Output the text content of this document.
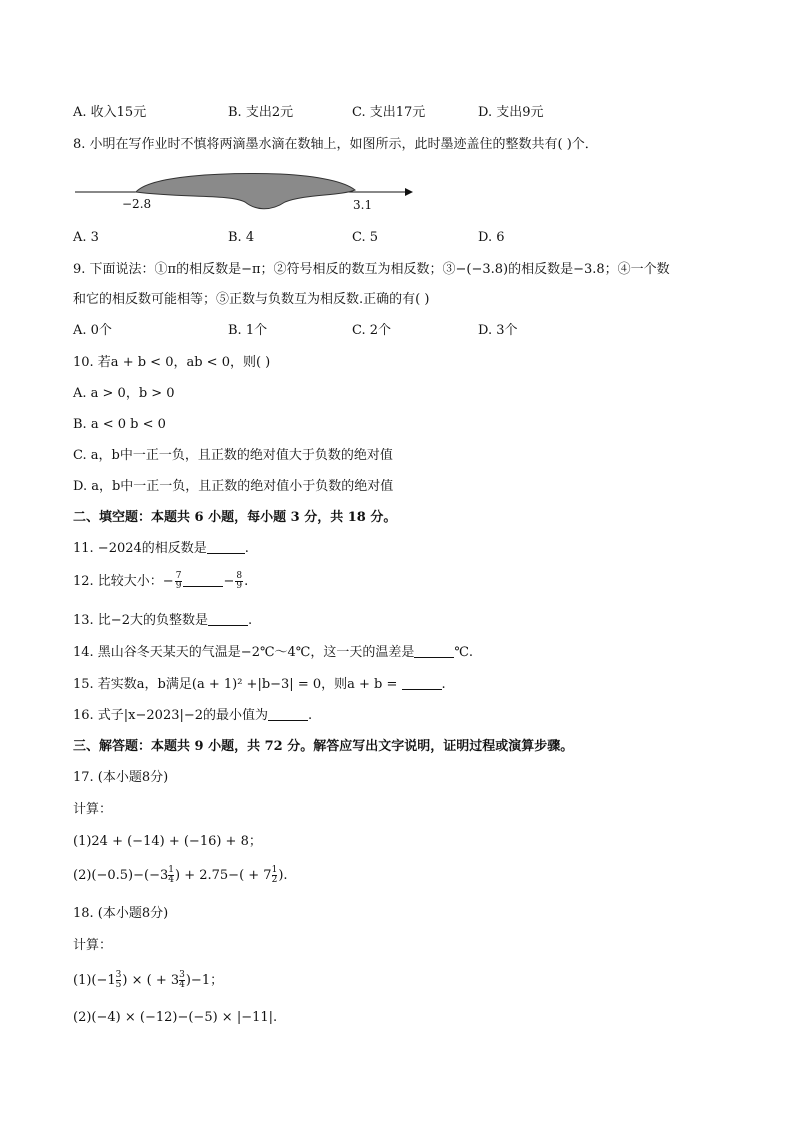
A. 收入15元	B. 支出2元	C. 支出17元	D. 支出9元
8. 小明在写作业时不慎将两滴墨水滴在数轴上，如图所示，此时墨迹盖住的整数共有( )个．
−2.8	3.1
A. 3	B. 4	C. 5	D. 6
9. 下面说法：①π的相反数是−π；②符号相反的数互为相反数；③−(−3.8)的相反数是−3.8；④一个数
和它的相反数可能相等；⑤正数与负数互为相反数.正确的有( )
A. 0个	B. 1个	C. 2个	D. 3个
10. 若a + b < 0，ab < 0，则( )
A. a > 0，b > 0
B. a < 0 b < 0
C. a，b中一正一负，且正数的绝对值大于负数的绝对值
D. a，b中一正一负，且正数的绝对值小于负数的绝对值
二、填空题：本题共 6 小题，每小题 3 分，共 18 分。
11. −2024的相反数是	.
12. 比较大小：− $\frac{7}{9}$	− $\frac{8}{9}$ .
13. 比−2大的负整数是	.
14. 黑山谷冬天某天的气温是−2℃～4℃，这一天的温差是	℃.
15. 若实数a，b满足(a + 1)² +|b−3| = 0，则a + b =	.
16. 式子|x−2023|−2的最小值为	.
三、解答题：本题共 9 小题，共 72 分。解答应写出文字说明，证明过程或演算步骤。
17. (本小题8分)
计算：
(1)24 + (−14) + (−16) + 8；
$(2)(-0.5)-(-3 \frac{1}{4}$ ) + $2.75-( + 7 \frac{1}{2}$ ).
18. (本小题8分)
计算：
$(1)(-1 \frac{3}{5}$ ) × ( + $3 \frac{3}{4} )-1$；
(2)(−4) × (−12)−(−5) × |−11|.
